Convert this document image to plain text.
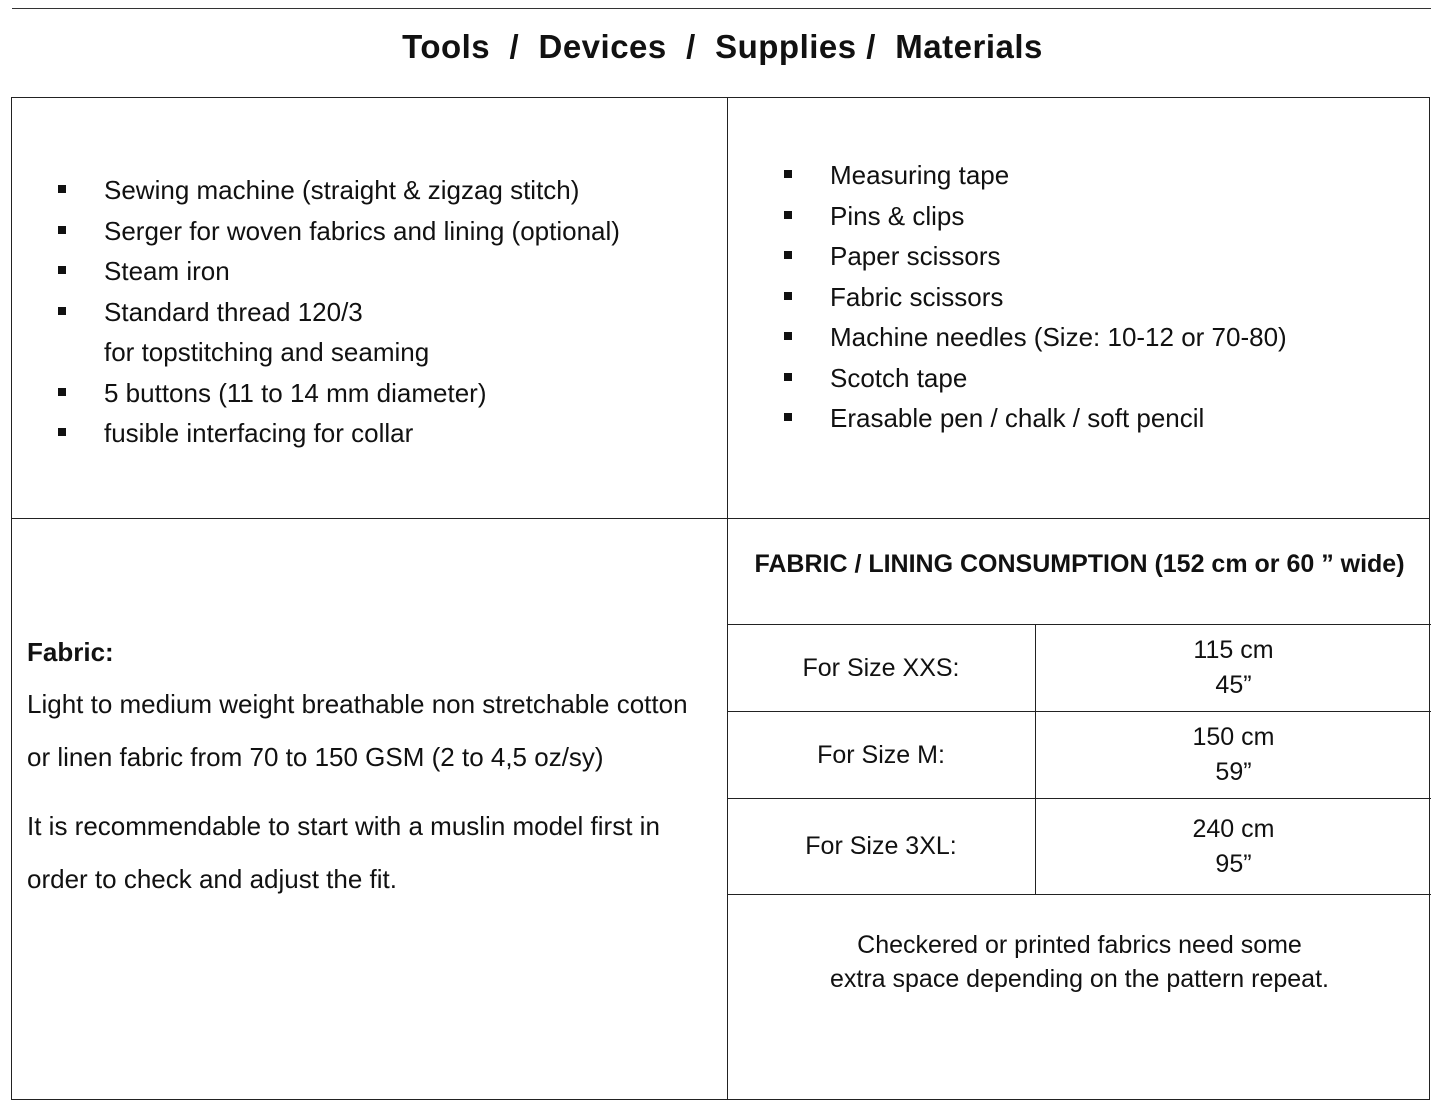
Tools  /  Devices  /  Supplies /  Materials
Sewing machine (straight & zigzag stitch)
Serger for woven fabrics and lining (optional)
Steam iron
Standard thread 120/3
for topstitching and seaming
5 buttons (11 to 14 mm diameter)
fusible interfacing for collar
Measuring tape
Pins & clips
Paper scissors
Fabric scissors
Machine needles (Size: 10-12 or 70-80)
Scotch tape
Erasable pen / chalk / soft pencil
Fabric:

Light to medium weight breathable non stretchable cotton or linen fabric from 70 to 150 GSM (2 to 4,5 oz/sy)

It is recommendable to start with a muslin model first in order to check and adjust the fit.

FABRIC / LINING CONSUMPTION (152 cm or 60 ” wide)
For Size XXS:	115 cm
45”

For Size M:	150 cm
59”

For Size 3XL:	240 cm
95”
Checkered or printed fabrics need some
extra space depending on the pattern repeat.
